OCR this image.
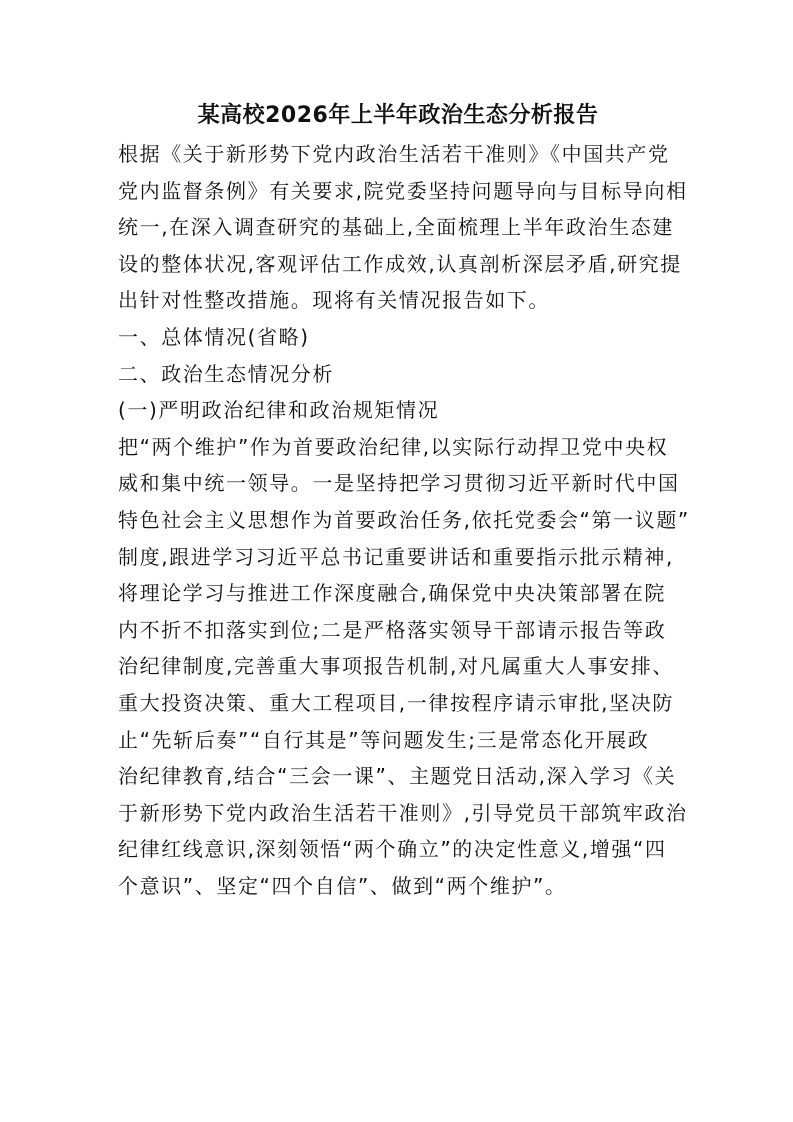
某高校2026年上半年政治生态分析报告

根据《关于新形势下党内政治生活若干准则》《中国共产党
党内监督条例》有关要求,院党委坚持问题导向与目标导向相
统一,在深入调查研究的基础上,全面梳理上半年政治生态建
设的整体状况,客观评估工作成效,认真剖析深层矛盾,研究提
出针对性整改措施。现将有关情况报告如下。

一、总体情况(省略)

二、政治生态情况分析

(一)严明政治纪律和政治规矩情况

把“两个维护”作为首要政治纪律,以实际行动捍卫党中央权
威和集中统一领导。一是坚持把学习贯彻习近平新时代中国
特色社会主义思想作为首要政治任务,依托党委会“第一议题”
制度,跟进学习习近平总书记重要讲话和重要指示批示精神,
将理论学习与推进工作深度融合,确保党中央决策部署在院
内不折不扣落实到位;二是严格落实领导干部请示报告等政
治纪律制度,完善重大事项报告机制,对凡属重大人事安排、
重大投资决策、重大工程项目,一律按程序请示审批,坚决防
止“先斩后奏”“自行其是”等问题发生;三是常态化开展政
治纪律教育,结合“三会一课”、主题党日活动,深入学习《关
于新形势下党内政治生活若干准则》,引导党员干部筑牢政治
纪律红线意识,深刻领悟“两个确立”的决定性意义,增强“四
个意识”、坚定“四个自信”、做到“两个维护”。
